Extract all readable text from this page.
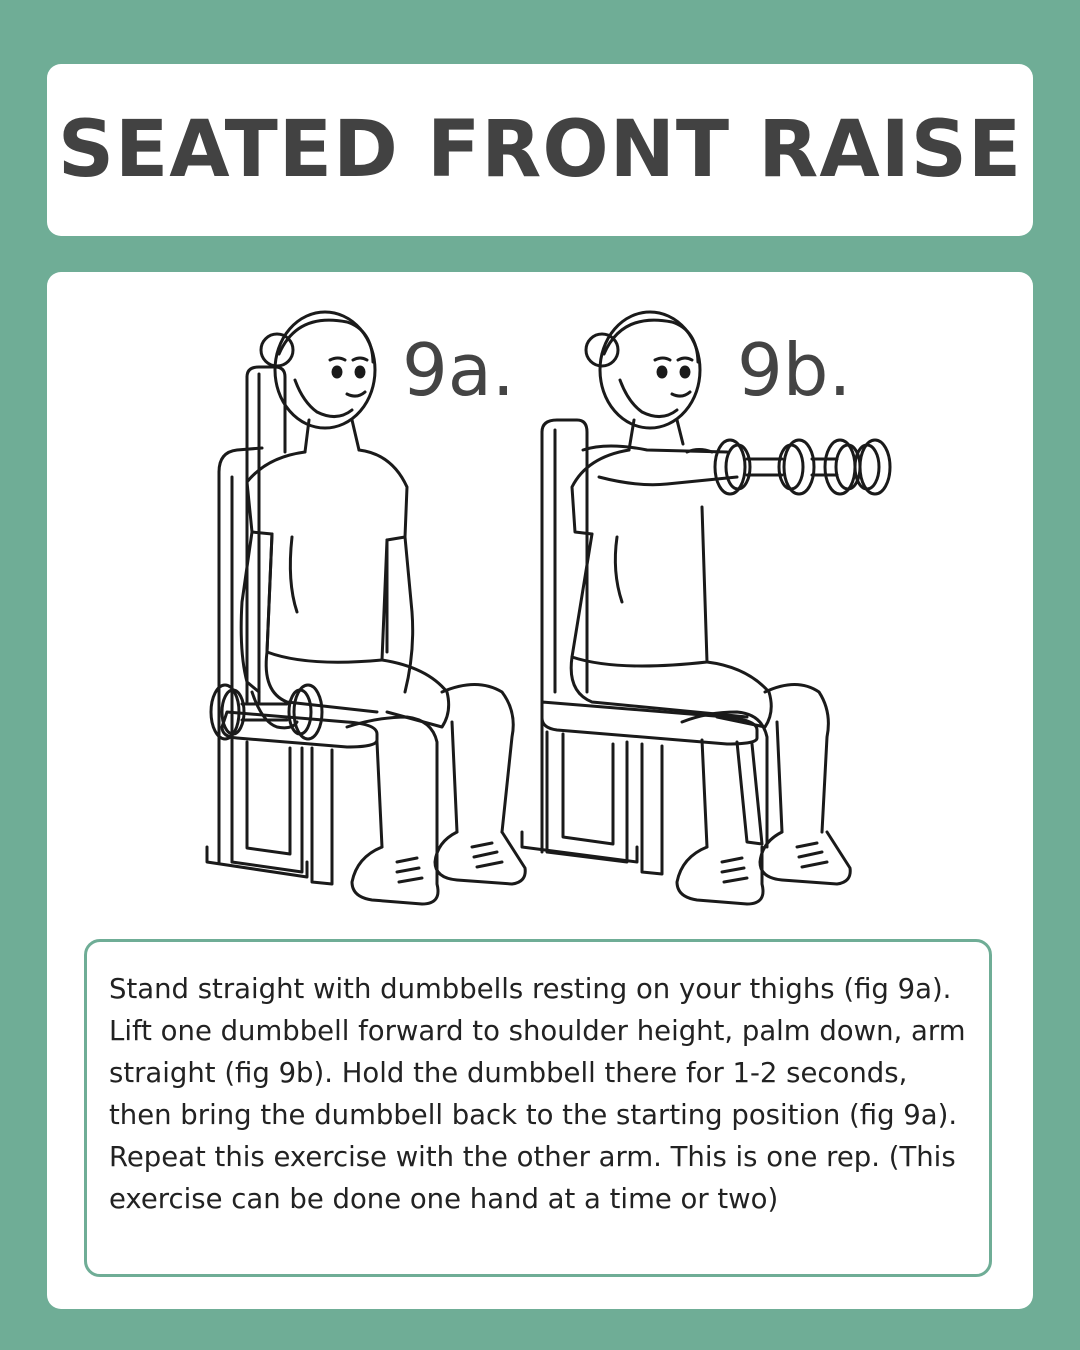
SEATED FRONT RAISE
9a.	9b.

Stand straight with dumbbells resting on your thighs (fig 9a). Lift one dumbbell forward to shoulder height, palm down, arm straight (fig 9b). Hold the dumbbell there for 1-2 seconds, then bring the dumbbell back to the starting position (fig 9a). Repeat this exercise with the other arm. This is one rep. (This exercise can be done one hand at a time or two)
